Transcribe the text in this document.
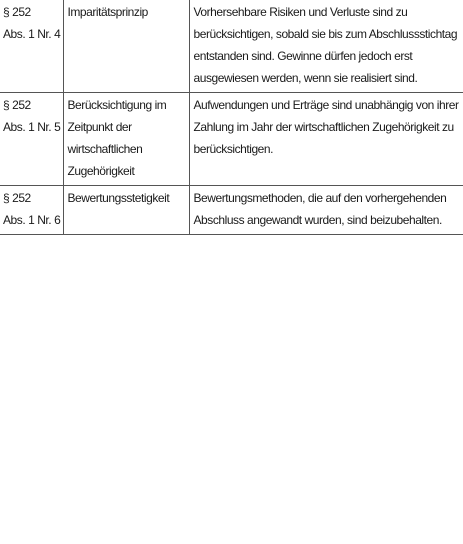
§ 252
Abs. 1 Nr. 4	Imparitätsprinzip	Vorhersehbare Risiken und Verluste sind zu berücksichtigen, sobald sie bis zum Abschlussstichtag entstanden sind. Gewinne dürfen jedoch erst ausgewiesen werden, wenn sie realisiert sind.

§ 252
Abs. 1 Nr. 5	Berücksichtigung im Zeitpunkt der wirtschaftlichen Zugehörigkeit	Aufwendungen und Erträge sind unabhängig von ihrer Zahlung im Jahr der wirtschaftlichen Zugehörigkeit zu berücksichtigen.

§ 252
Abs. 1 Nr. 6	Bewertungsstetigkeit	Bewertungsmethoden, die auf den vorhergehenden Abschluss angewandt wurden, sind beizubehalten.
